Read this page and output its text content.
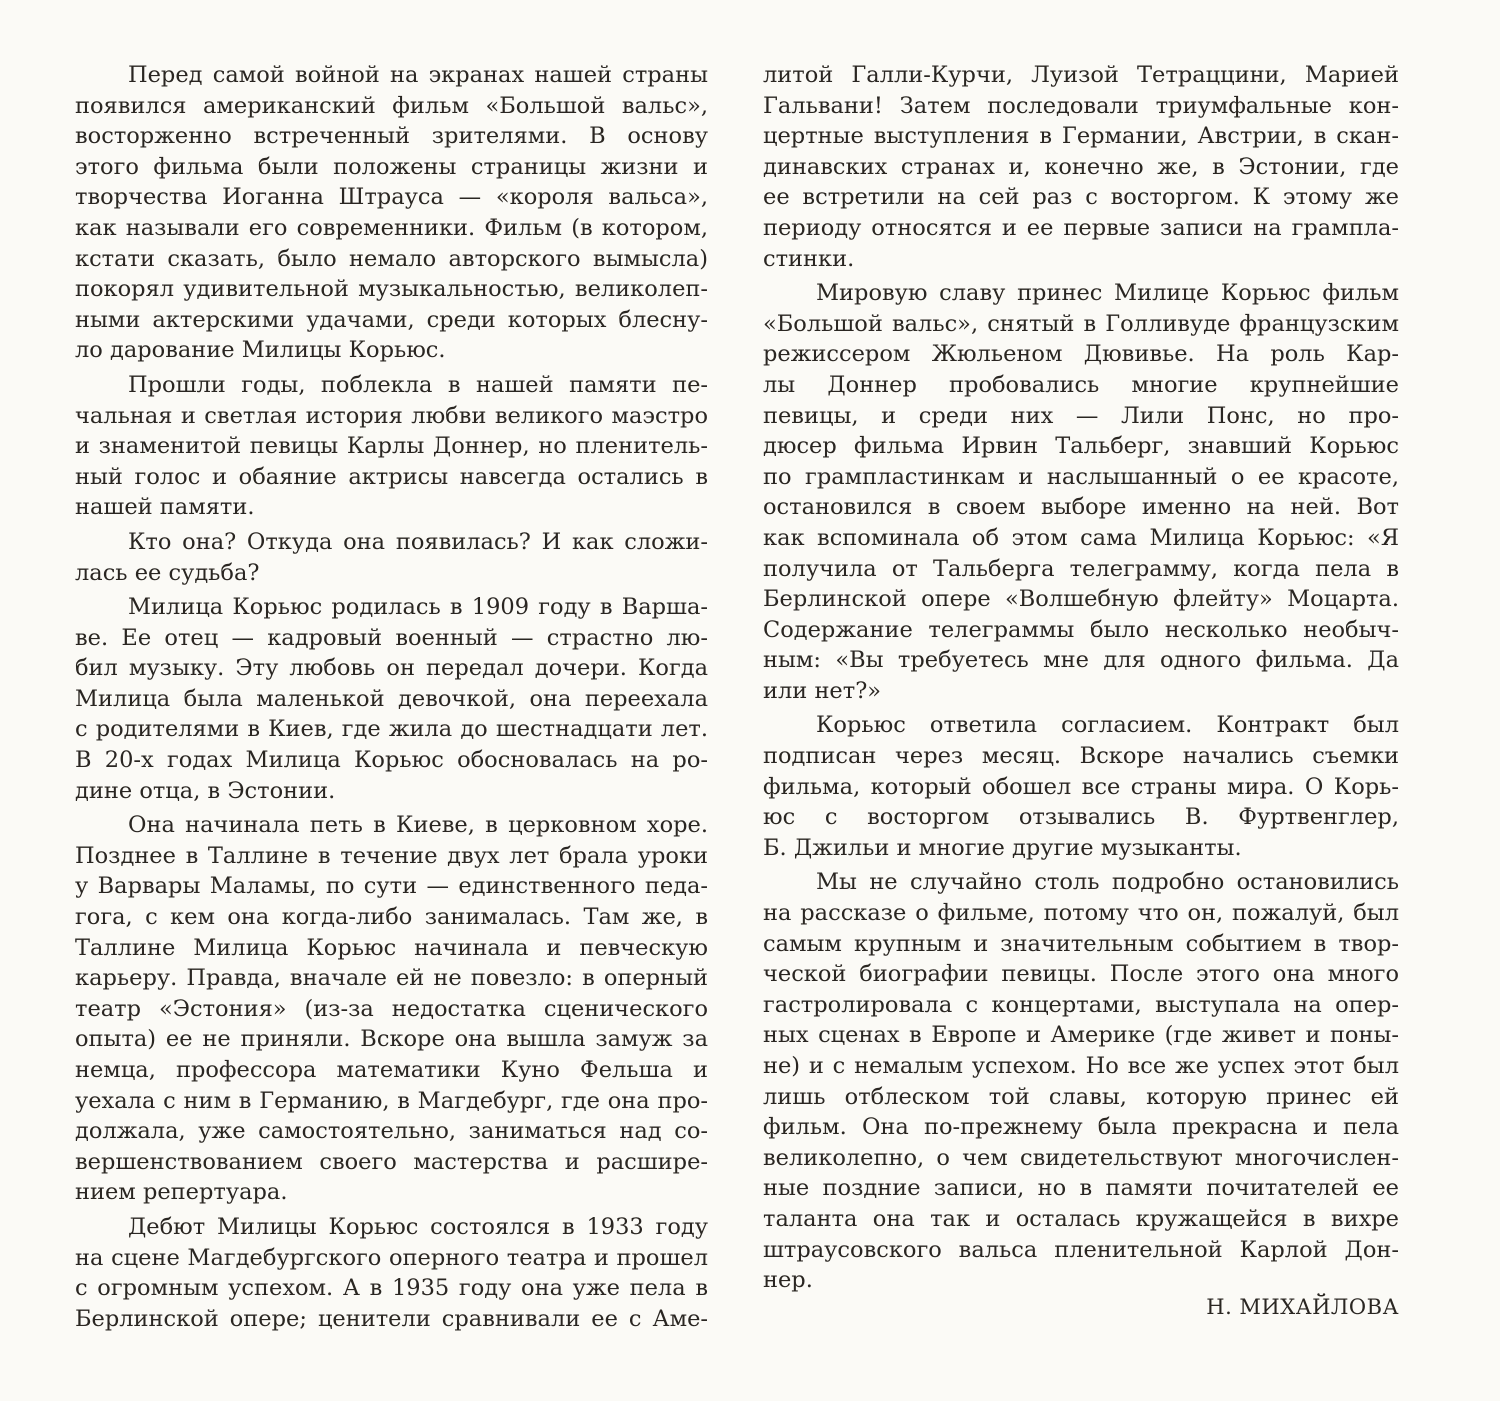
Перед самой войной на экранах нашей страны
появился американский фильм «Большой вальс»,
восторженно встреченный зрителями. В основу
этого фильма были положены страницы жизни и
творчества Иоганна Штрауса — «короля вальса»,
как называли его современники. Фильм (в котором,
кстати сказать, было немало авторского вымысла)
покорял удивительной музыкальностью, великолеп-
ными актерскими удачами, среди которых блесну-
ло дарование Милицы Корьюс.
Прошли годы, поблекла в нашей памяти пе-
чальная и светлая история любви великого маэстро
и знаменитой певицы Карлы Доннер, но пленитель-
ный голос и обаяние актрисы навсегда остались в
нашей памяти.
Кто она? Откуда она появилась? И как сложи-
лась ее судьба?
Милица Корьюс родилась в 1909 году в Варша-
ве. Ее отец — кадровый военный — страстно лю-
бил музыку. Эту любовь он передал дочери. Когда
Милица была маленькой девочкой, она переехала
с родителями в Киев, где жила до шестнадцати лет.
В 20-х годах Милица Корьюс обосновалась на ро-
дине отца, в Эстонии.
Она начинала петь в Киеве, в церковном хоре.
Позднее в Таллине в течение двух лет брала уроки
у Варвары Маламы, по сути — единственного педа-
гога, с кем она когда-либо занималась. Там же, в
Таллине Милица Корьюс начинала и певческую
карьеру. Правда, вначале ей не повезло: в оперный
театр «Эстония» (из-за недостатка сценического
опыта) ее не приняли. Вскоре она вышла замуж за
немца, профессора математики Куно Фельша и
уехала с ним в Германию, в Магдебург, где она про-
должала, уже самостоятельно, заниматься над со-
вершенствованием своего мастерства и расшире-
нием репертуара.
Дебют Милицы Корьюс состоялся в 1933 году
на сцене Магдебургского оперного театра и прошел
с огромным успехом. А в 1935 году она уже пела в
Берлинской опере; ценители сравнивали ее с Аме-
литой Галли-Курчи, Луизой Тетраццини, Марией
Гальвани! Затем последовали триумфальные кон-
цертные выступления в Германии, Австрии, в скан-
динавских странах и, конечно же, в Эстонии, где
ее встретили на сей раз с восторгом. К этому же
периоду относятся и ее первые записи на грампла-
стинки.
Мировую славу принес Милице Корьюс фильм
«Большой вальс», снятый в Голливуде французским
режиссером Жюльеном Дювивье. На роль Кар-
лы Доннер пробовались многие крупнейшие
певицы, и среди них — Лили Понс, но про-
дюсер фильма Ирвин Тальберг, знавший Корьюс
по грампластинкам и наслышанный о ее красоте,
остановился в своем выборе именно на ней. Вот
как вспоминала об этом сама Милица Корьюс: «Я
получила от Тальберга телеграмму, когда пела в
Берлинской опере «Волшебную флейту» Моцарта.
Содержание телеграммы было несколько необыч-
ным: «Вы требуетесь мне для одного фильма. Да
или нет?»
Корьюс ответила согласием. Контракт был
подписан через месяц. Вскоре начались съемки
фильма, который обошел все страны мира. О Корь-
юс с восторгом отзывались В. Фуртвенглер,
Б. Джильи и многие другие музыканты.
Мы не случайно столь подробно остановились
на рассказе о фильме, потому что он, пожалуй, был
самым крупным и значительным событием в твор-
ческой биографии певицы. После этого она много
гастролировала с концертами, выступала на опер-
ных сценах в Европе и Америке (где живет и поны-
не) и с немалым успехом. Но все же успех этот был
лишь отблеском той славы, которую принес ей
фильм. Она по-прежнему была прекрасна и пела
великолепно, о чем свидетельствуют многочислен-
ные поздние записи, но в памяти почитателей ее
таланта она так и осталась кружащейся в вихре
штраусовского вальса пленительной Карлой Дон-
нер.
Н. МИХАЙЛОВА
